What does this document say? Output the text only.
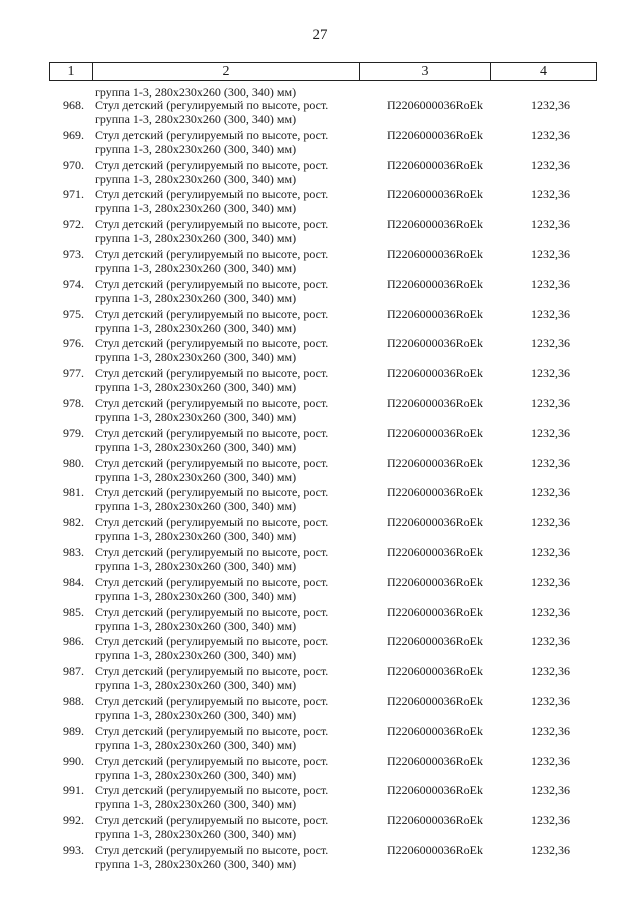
27
1	2	3	4
группа 1-3, 280x230x260 (300, 340) мм)
968. Стул детский (регулируемый по высоте, рост.
группа 1-3, 280x230x260 (300, 340) мм)
П2206000036RoEk	1232,36
969. Стул детский (регулируемый по высоте, рост.
группа 1-3, 280x230x260 (300, 340) мм)
П2206000036RoEk	1232,36
970. Стул детский (регулируемый по высоте, рост.
группа 1-3, 280x230x260 (300, 340) мм)
П2206000036RoEk	1232,36
971. Стул детский (регулируемый по высоте, рост.
группа 1-3, 280x230x260 (300, 340) мм)
П2206000036RoEk	1232,36
972. Стул детский (регулируемый по высоте, рост.
группа 1-3, 280x230x260 (300, 340) мм)
П2206000036RoEk	1232,36
973. Стул детский (регулируемый по высоте, рост.
группа 1-3, 280x230x260 (300, 340) мм)
П2206000036RoEk	1232,36
974. Стул детский (регулируемый по высоте, рост.
группа 1-3, 280x230x260 (300, 340) мм)
П2206000036RoEk	1232,36
975. Стул детский (регулируемый по высоте, рост.
группа 1-3, 280x230x260 (300, 340) мм)
П2206000036RoEk	1232,36
976. Стул детский (регулируемый по высоте, рост.
группа 1-3, 280x230x260 (300, 340) мм)
П2206000036RoEk	1232,36
977. Стул детский (регулируемый по высоте, рост.
группа 1-3, 280x230x260 (300, 340) мм)
П2206000036RoEk	1232,36
978. Стул детский (регулируемый по высоте, рост.
группа 1-3, 280x230x260 (300, 340) мм)
П2206000036RoEk	1232,36
979. Стул детский (регулируемый по высоте, рост.
группа 1-3, 280x230x260 (300, 340) мм)
П2206000036RoEk	1232,36
980. Стул детский (регулируемый по высоте, рост.
группа 1-3, 280x230x260 (300, 340) мм)
П2206000036RoEk	1232,36
981. Стул детский (регулируемый по высоте, рост.
группа 1-3, 280x230x260 (300, 340) мм)
П2206000036RoEk	1232,36
982. Стул детский (регулируемый по высоте, рост.
группа 1-3, 280x230x260 (300, 340) мм)
П2206000036RoEk	1232,36
983. Стул детский (регулируемый по высоте, рост.
группа 1-3, 280x230x260 (300, 340) мм)
П2206000036RoEk	1232,36
984. Стул детский (регулируемый по высоте, рост.
группа 1-3, 280x230x260 (300, 340) мм)
П2206000036RoEk	1232,36
985. Стул детский (регулируемый по высоте, рост.
группа 1-3, 280x230x260 (300, 340) мм)
П2206000036RoEk	1232,36
986. Стул детский (регулируемый по высоте, рост.
группа 1-3, 280x230x260 (300, 340) мм)
П2206000036RoEk	1232,36
987. Стул детский (регулируемый по высоте, рост.
группа 1-3, 280x230x260 (300, 340) мм)
П2206000036RoEk	1232,36
988. Стул детский (регулируемый по высоте, рост.
группа 1-3, 280x230x260 (300, 340) мм)
П2206000036RoEk	1232,36
989. Стул детский (регулируемый по высоте, рост.
группа 1-3, 280x230x260 (300, 340) мм)
П2206000036RoEk	1232,36
990. Стул детский (регулируемый по высоте, рост.
группа 1-3, 280x230x260 (300, 340) мм)
П2206000036RoEk	1232,36
991. Стул детский (регулируемый по высоте, рост.
группа 1-3, 280x230x260 (300, 340) мм)
П2206000036RoEk	1232,36
992. Стул детский (регулируемый по высоте, рост.
группа 1-3, 280x230x260 (300, 340) мм)
П2206000036RoEk	1232,36
993. Стул детский (регулируемый по высоте, рост.
группа 1-3, 280x230x260 (300, 340) мм)
П2206000036RoEk	1232,36
